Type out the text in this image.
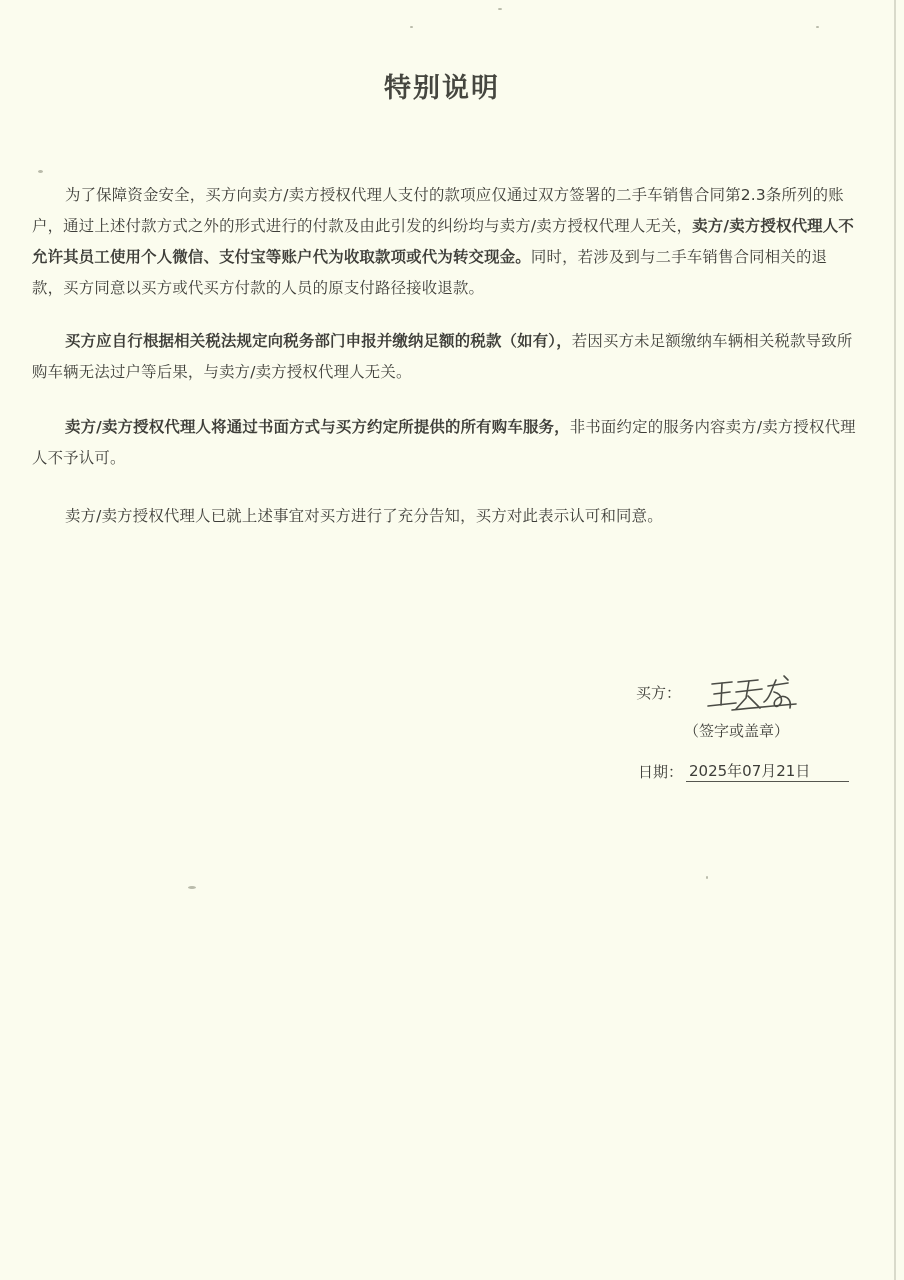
特别说明

为了保障资金安全，买方向卖方/卖方授权代理人支付的款项应仅通过双方签署的二手车销售合同第2.3条所列的账户，通过上述付款方式之外的形式进行的付款及由此引发的纠纷均与卖方/卖方授权代理人无关，卖方/卖方授权代理人不允许其员工使用个人微信、支付宝等账户代为收取款项或代为转交现金。同时，若涉及到与二手车销售合同相关的退款，买方同意以买方或代买方付款的人员的原支付路径接收退款。

买方应自行根据相关税法规定向税务部门申报并缴纳足额的税款（如有），若因买方未足额缴纳车辆相关税款导致所购车辆无法过户等后果，与卖方/卖方授权代理人无关。

卖方/卖方授权代理人将通过书面方式与买方约定所提供的所有购车服务，非书面约定的服务内容卖方/卖方授权代理人不予认可。

卖方/卖方授权代理人已就上述事宜对买方进行了充分告知，买方对此表示认可和同意。

买方：
（签字或盖章）
日期： 2025年07月21日
